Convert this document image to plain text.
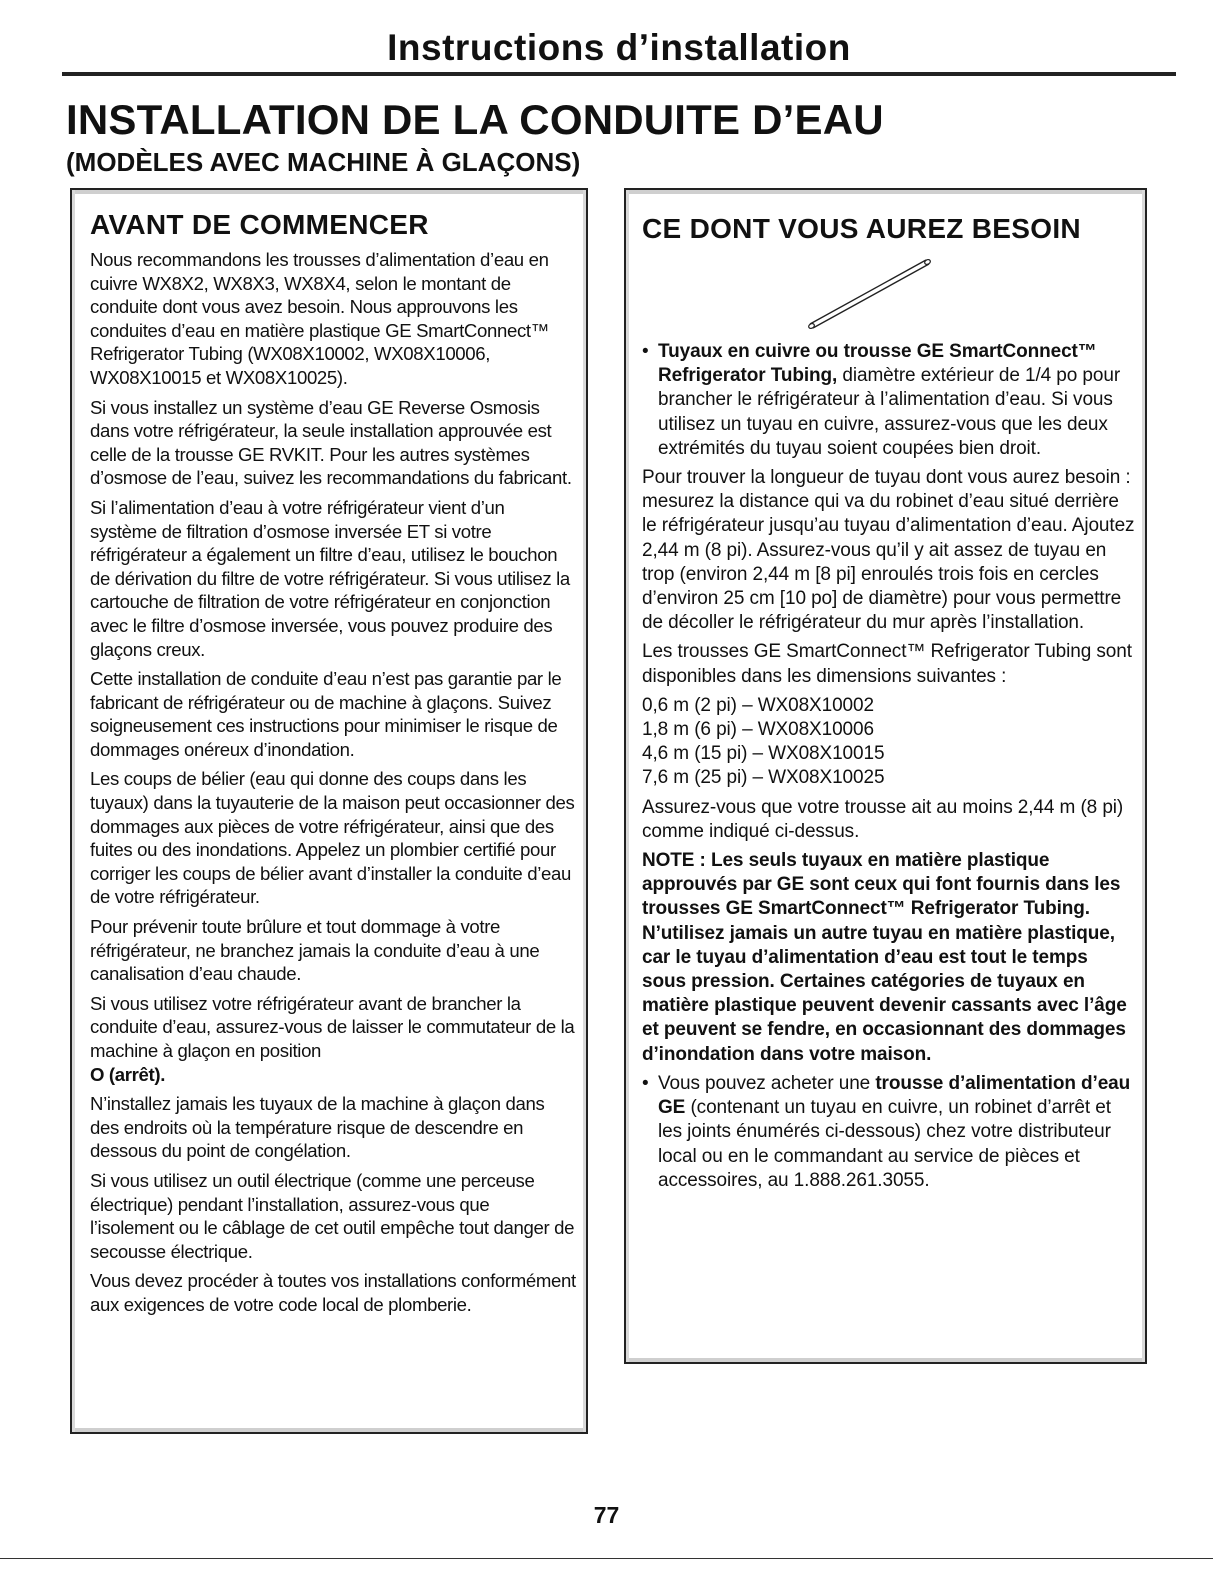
Instructions d’installation
INSTALLATION DE LA CONDUITE D’EAU
(MODÈLES AVEC MACHINE À GLAÇONS)
AVANT DE COMMENCER

Nous recommandons les trousses d’alimentation d’eau en cuivre WX8X2, WX8X3, WX8X4, selon le montant de conduite dont vous avez besoin. Nous approuvons les conduites d’eau en matière plastique GE SmartConnect™ Refrigerator Tubing (WX08X10002, WX08X10006, WX08X10015 et WX08X10025).

Si vous installez un système d’eau GE Reverse Osmosis dans votre réfrigérateur, la seule installation approuvée est celle de la trousse GE RVKIT. Pour les autres systèmes d’osmose de l’eau, suivez les recommandations du fabricant.

Si l’alimentation d’eau à votre réfrigérateur vient d’un système de filtration d’osmose inversée ET si votre réfrigérateur a également un filtre d’eau, utilisez le bouchon de dérivation du filtre de votre réfrigérateur. Si vous utilisez la cartouche de filtration de votre réfrigérateur en conjonction avec le filtre d’osmose inversée, vous pouvez produire des glaçons creux.

Cette installation de conduite d’eau n’est pas garantie par le fabricant de réfrigérateur ou de machine à glaçons. Suivez soigneusement ces instructions pour minimiser le risque de dommages onéreux d’inondation.

Les coups de bélier (eau qui donne des coups dans les tuyaux) dans la tuyauterie de la maison peut occasionner des dommages aux pièces de votre réfrigérateur, ainsi que des fuites ou des inondations. Appelez un plombier certifié pour corriger les coups de bélier avant d’installer la conduite d’eau de votre réfrigérateur.

Pour prévenir toute brûlure et tout dommage à votre réfrigérateur, ne branchez jamais la conduite d’eau à une canalisation d’eau chaude.

Si vous utilisez votre réfrigérateur avant de brancher la conduite d’eau, assurez-vous de laisser le commutateur de la machine à glaçon en position
O (arrêt).

N’installez jamais les tuyaux de la machine à glaçon dans des endroits où la température risque de descendre en dessous du point de congélation.

Si vous utilisez un outil électrique (comme une perceuse électrique) pendant l’installation, assurez-vous que l’isolement ou le câblage de cet outil empêche tout danger de secousse électrique.

Vous devez procéder à toutes vos installations conformément aux exigences de votre code local de plomberie.

CE DONT VOUS AUREZ BESOIN

• Tuyaux en cuivre ou trousse GE SmartConnect™ Refrigerator Tubing, diamètre extérieur de 1/4 po pour brancher le réfrigérateur à l’alimentation d’eau. Si vous utilisez un tuyau en cuivre, assurez-vous que les deux extrémités du tuyau soient coupées bien droit.

Pour trouver la longueur de tuyau dont vous aurez besoin : mesurez la distance qui va du robinet d’eau situé derrière le réfrigérateur jusqu’au tuyau d’alimentation d’eau. Ajoutez 2,44 m (8 pi). Assurez-vous qu’il y ait assez de tuyau en trop (environ 2,44 m [8 pi] enroulés trois fois en cercles d’environ 25 cm [10 po] de diamètre) pour vous permettre de décoller le réfrigérateur du mur après l’installation.

Les trousses GE SmartConnect™ Refrigerator Tubing sont disponibles dans les dimensions suivantes :

0,6 m (2 pi) – WX08X10002

1,8 m (6 pi) – WX08X10006

4,6 m (15 pi) – WX08X10015

7,6 m (25 pi) – WX08X10025

Assurez-vous que votre trousse ait au moins 2,44 m (8 pi) comme indiqué ci-dessus.

NOTE : Les seuls tuyaux en matière plastique approuvés par GE sont ceux qui font fournis dans les trousses GE SmartConnect™ Refrigerator Tubing. N’utilisez jamais un autre tuyau en matière plastique, car le tuyau d’alimentation d’eau est tout le temps sous pression. Certaines catégories de tuyaux en matière plastique peuvent devenir cassants avec l’âge et peuvent se fendre, en occasionnant des dommages d’inondation dans votre maison.

• Vous pouvez acheter une trousse d’alimentation d’eau GE (contenant un tuyau en cuivre, un robinet d’arrêt et les joints énumérés ci-dessous) chez votre distributeur local ou en le commandant au service de pièces et accessoires, au 1.888.261.3055.

77
